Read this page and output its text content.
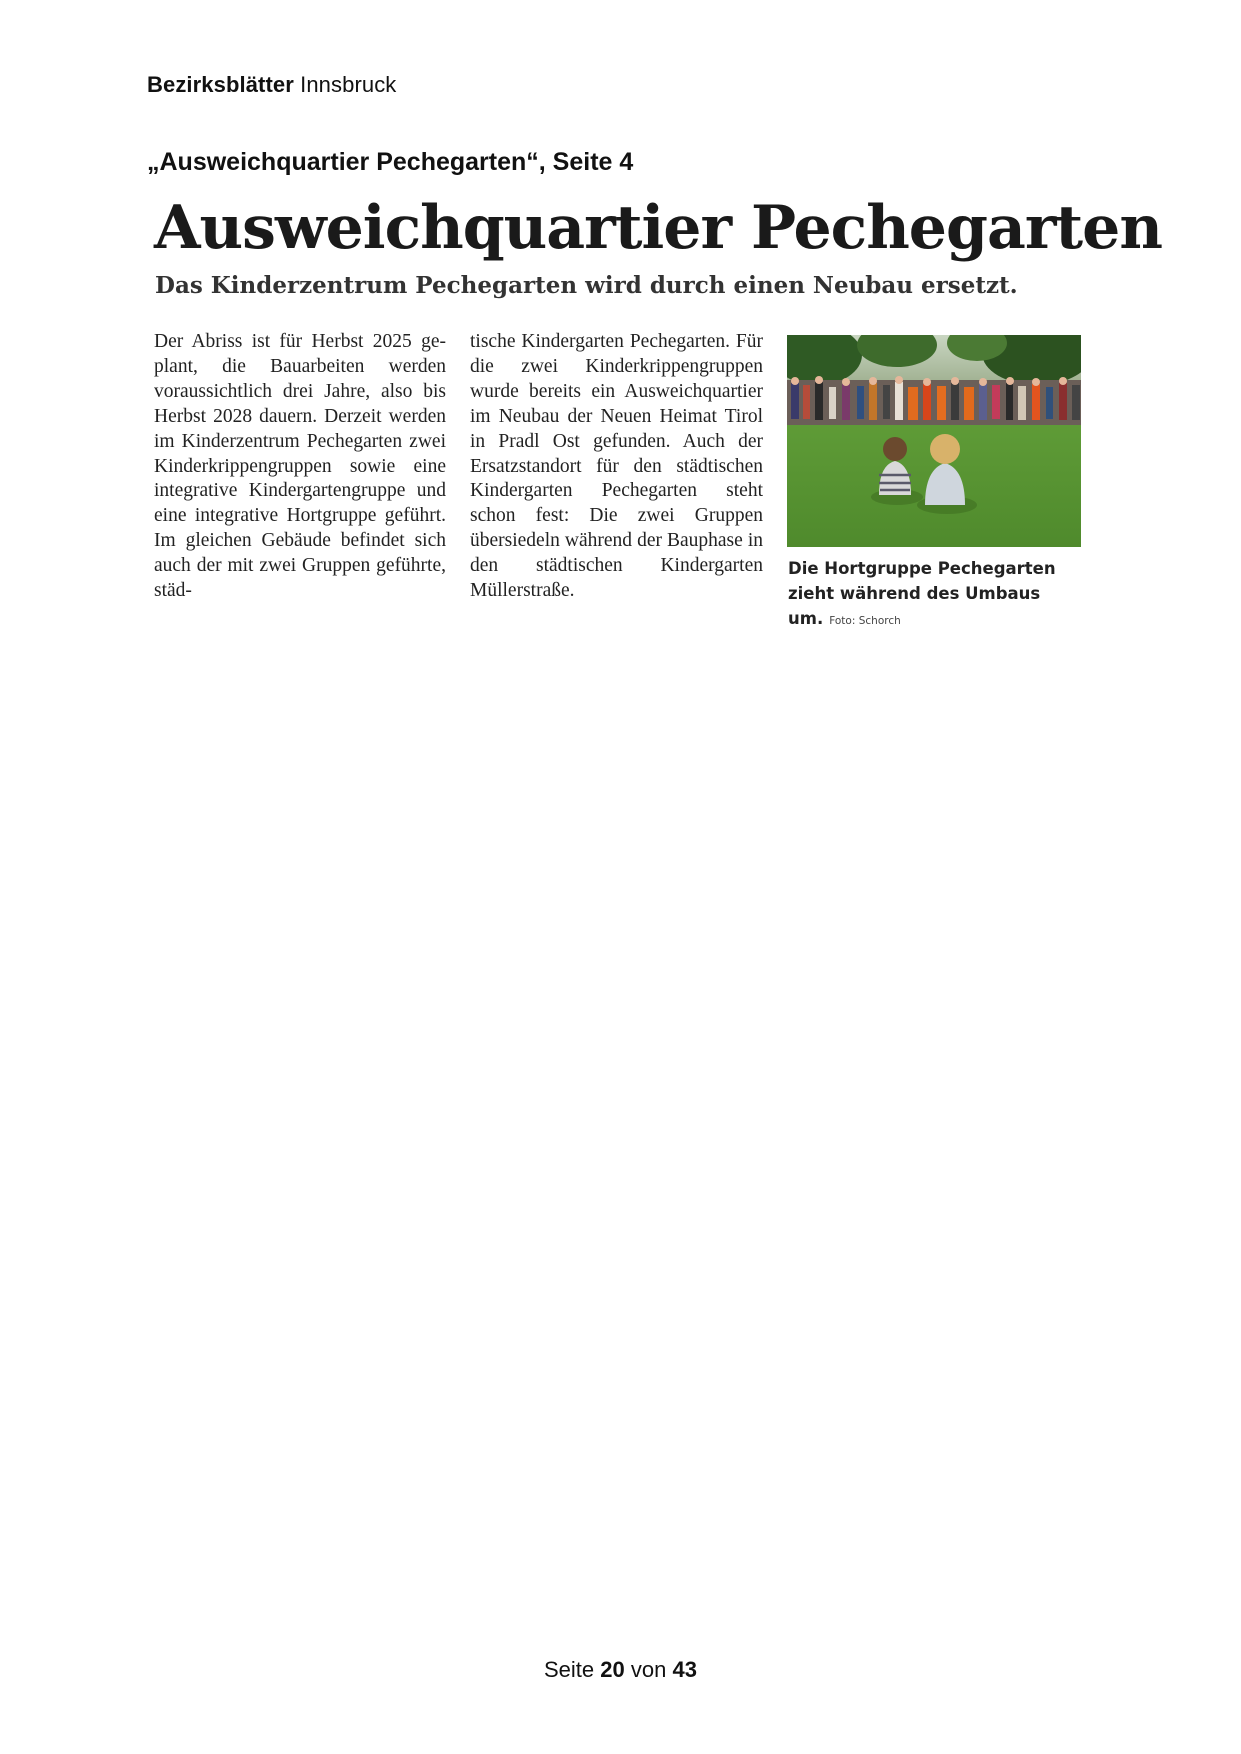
Bezirksblätter Innsbruck
„Ausweichquartier Pechegarten“, Seite 4
Ausweichquartier Pechegarten
Das Kinderzentrum Pechegarten wird durch einen Neubau ersetzt.
Der Abriss ist für Herbst 2025 geplant, die Bauarbeiten werden voraussichtlich drei Jahre, also bis Herbst 2028 dauern. Derzeit werden im Kinderzentrum Pechegarten zwei Kinderkrippengruppen sowie eine integrative Kindergartengruppe und eine integrative Hortgruppe geführt. Im gleichen Gebäude befindet sich auch der mit zwei Gruppen geführte, städ-
tische Kindergarten Pechegarten. Für die zwei Kinderkrippengruppen wurde bereits ein Ausweichquartier im Neubau der Neuen Heimat Tirol in Pradl Ost gefunden. Auch der Ersatzstandort für den städtischen Kindergarten Pechegarten steht schon fest: Die zwei Gruppen übersiedeln während der Bauphase in den städtischen Kindergarten Müllerstraße.
Die Hortgruppe Pechegarten zieht während des Umbaus um. Foto: Schorch
Seite 20 von 43
